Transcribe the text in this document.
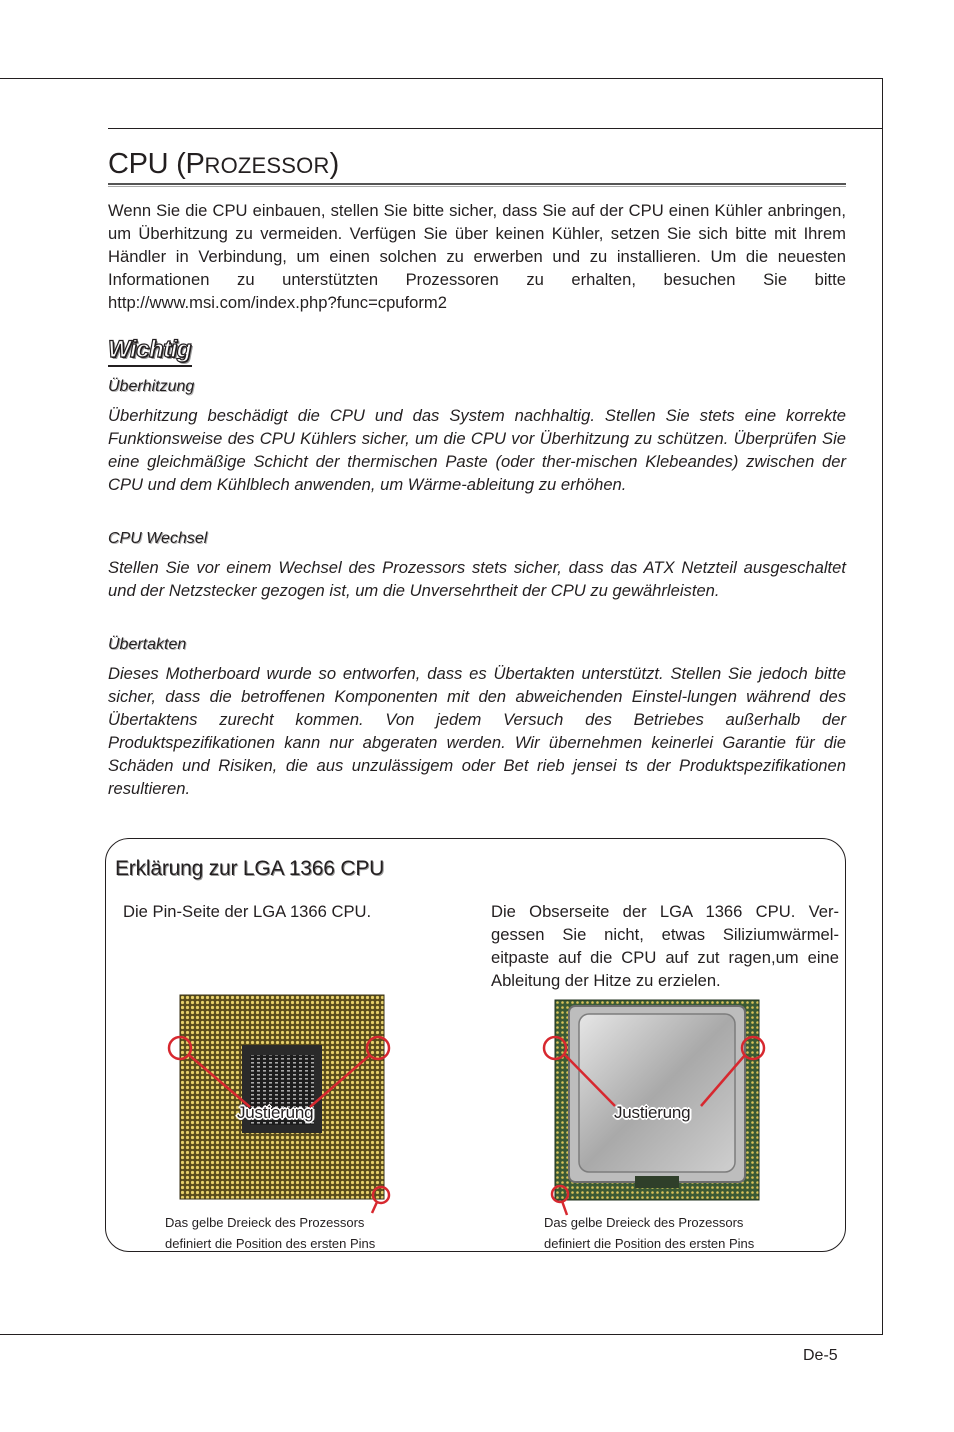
CPU (PROZESSOR)

Wenn Sie die CPU einbauen, stellen Sie bitte sicher, dass Sie auf der CPU einen Kühler anbringen, um Überhitzung zu vermeiden. Verfügen Sie über keinen Kühler, setzen Sie sich bitte mit Ihrem Händler in Verbindung, um einen solchen zu erwerben und zu installieren. Um die neuesten Informationen zu unterstützten Prozessoren zu erhalten, besuchen Sie bitte http://www.msi.com/index.php?func=cpuform2

Wichtig

Überhitzung

Überhitzung beschädigt die CPU und das System nachhaltig. Stellen Sie stets eine korrekte Funktionsweise des CPU Kühlers sicher, um die CPU vor Überhitzung zu schützen. Überprüfen Sie eine gleichmäßige Schicht der thermischen Paste (oder ther-mischen Klebeandes) zwischen der CPU und dem Kühlblech anwenden, um Wärme-ableitung zu erhöhen.

CPU Wechsel

Stellen Sie vor einem Wechsel des Prozessors stets sicher, dass das ATX Netzteil ausgeschaltet und der Netzstecker gezogen ist, um die Unversehrtheit der CPU zu gewährleisten.

Übertakten

Dieses Motherboard wurde so entworfen, dass es Übertakten unterstützt. Stellen Sie jedoch bitte sicher, dass die betroffenen Komponenten mit den abweichenden Einstel-lungen während des Übertaktens zurecht kommen. Von jedem Versuch des Betriebes außerhalb der Produktspezifikationen kann nur abgeraten werden. Wir übernehmen keinerlei Garantie für die Schäden und Risiken, die aus unzulässigem oder Bet rieb jensei ts der Produktspezifikationen resultieren.

Erklärung zur LGA 1366 CPU
Die Pin-Seite der LGA 1366 CPU.	Die Obserseite der LGA 1366 CPU. Ver-gessen Sie nicht, etwas Siliziumwärmel-eitpaste auf die CPU auf zut ragen,um eine Ableitung der Hitze zu erzielen.
Justierung	Justierung
Das gelbe Dreieck des Prozessors
definiert die Position des ersten Pins
Das gelbe Dreieck des Prozessors
definiert die Position des ersten Pins
De-5
